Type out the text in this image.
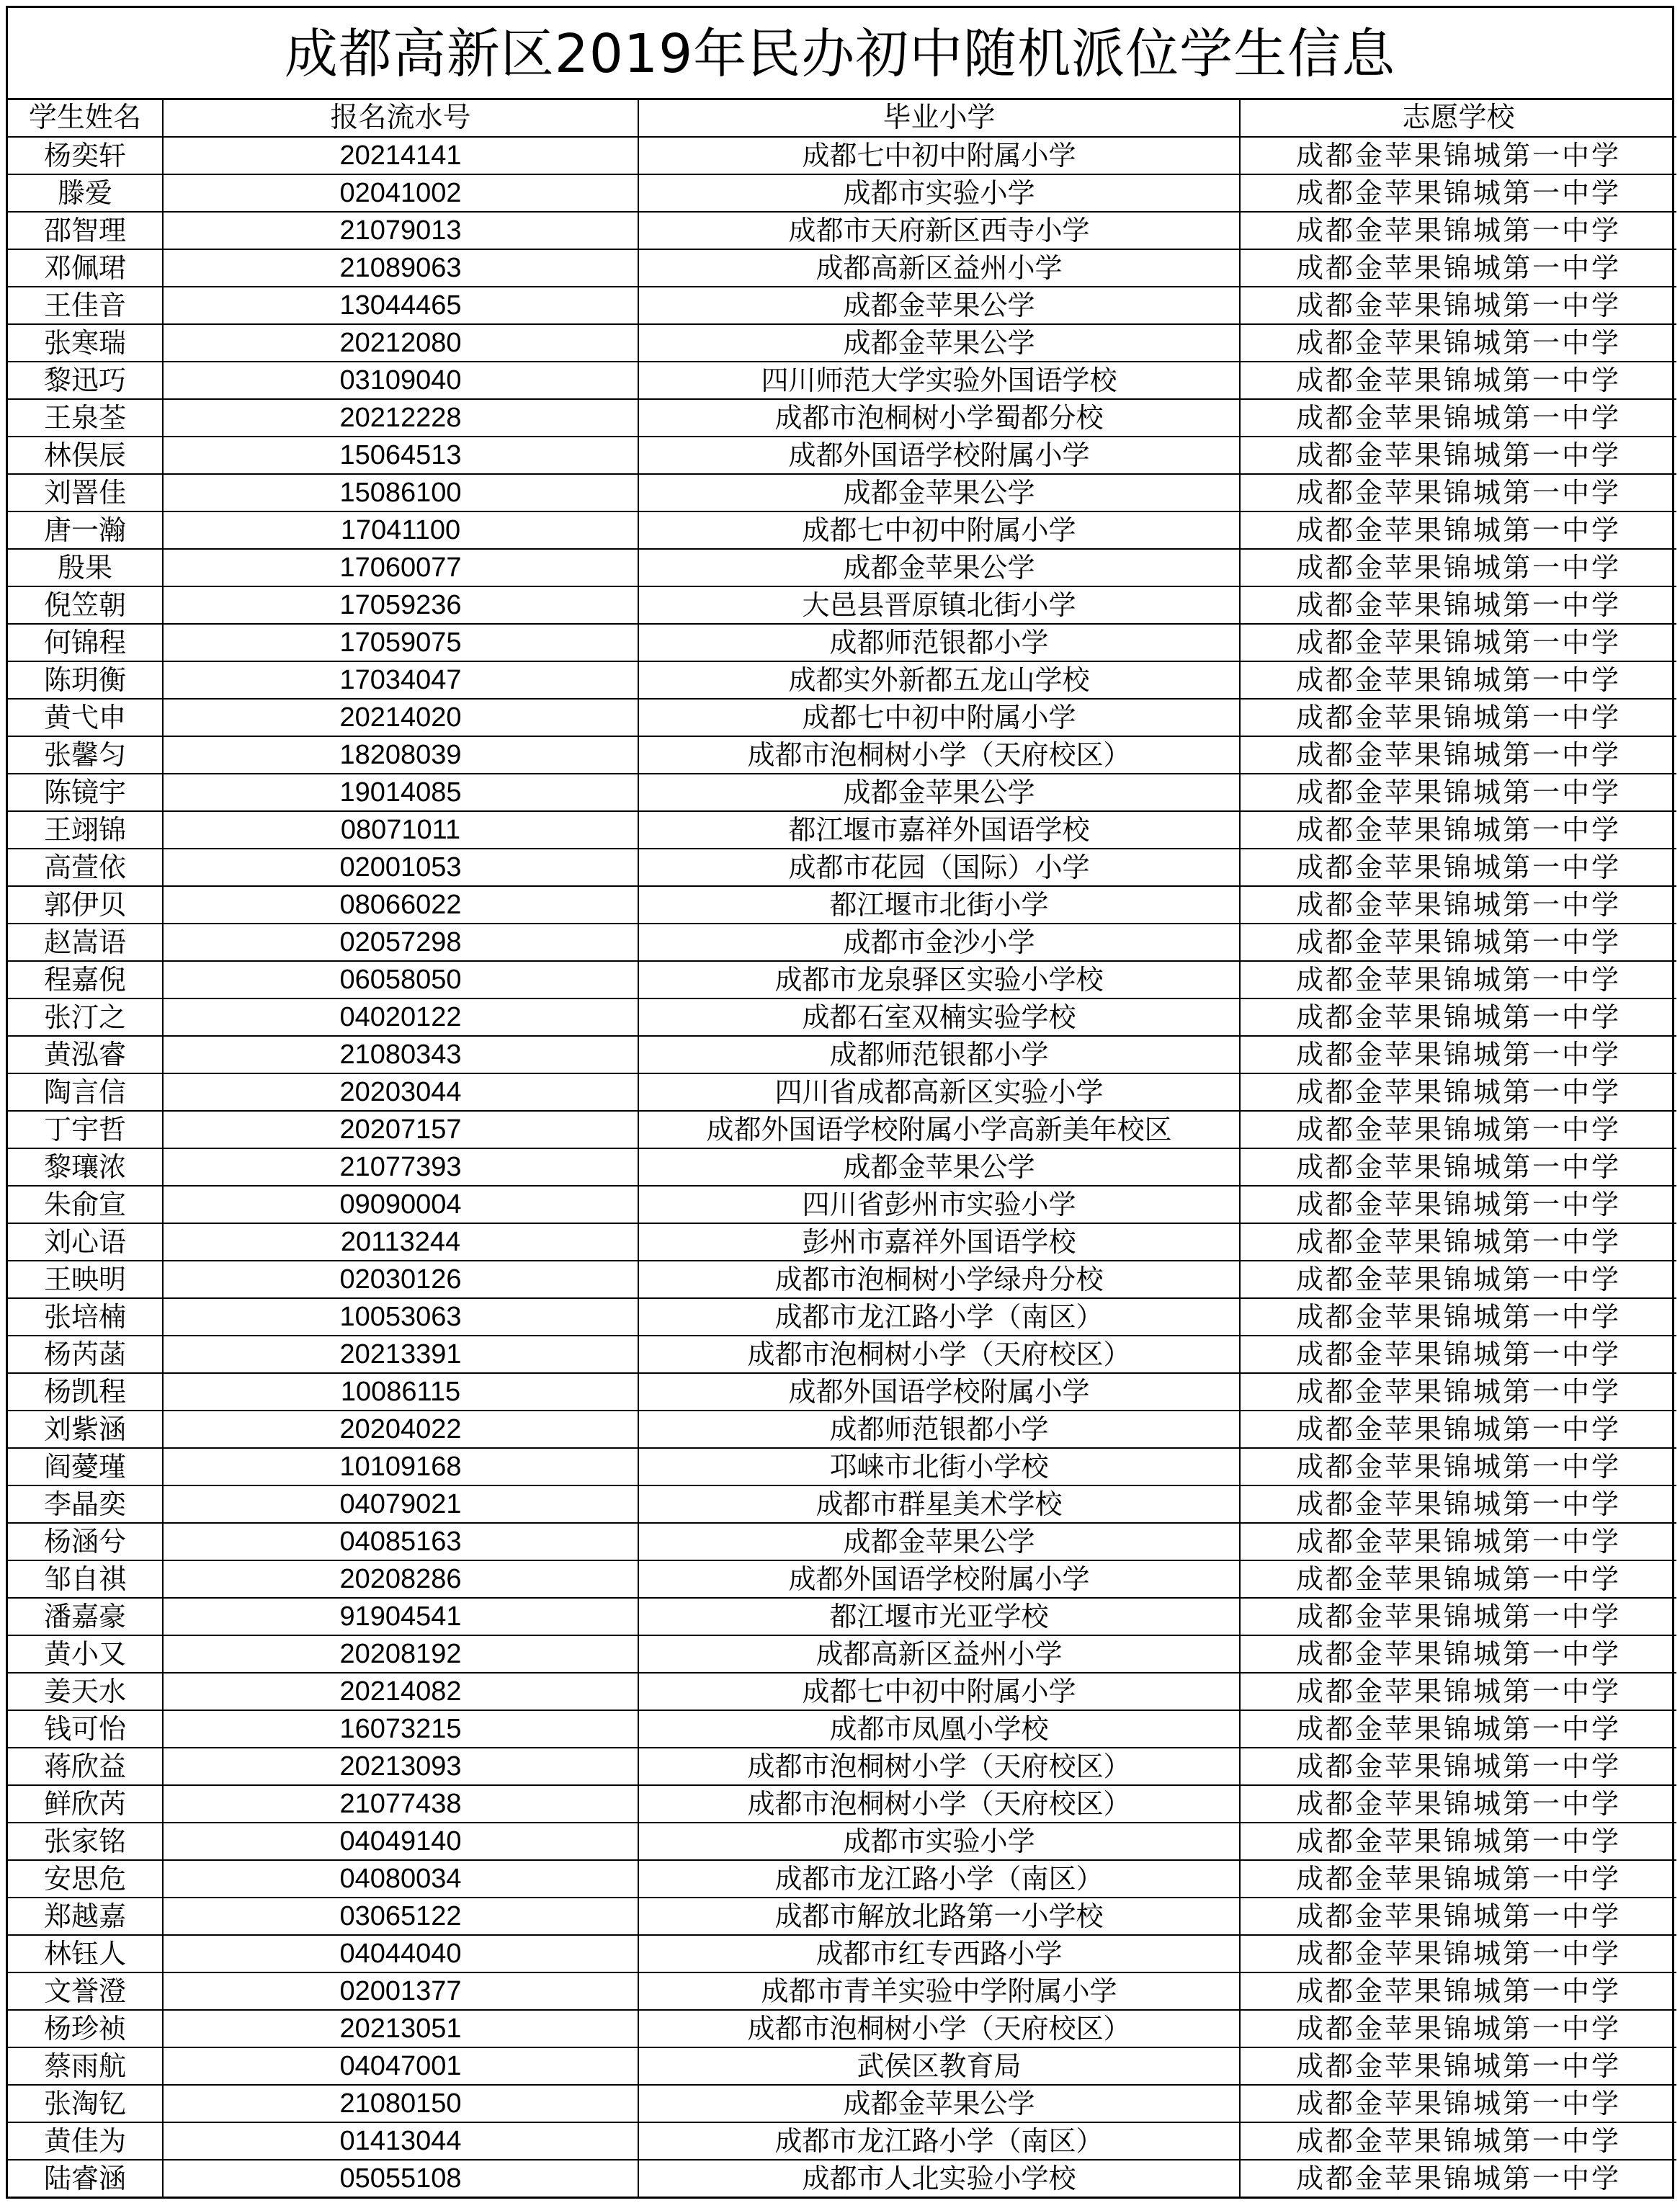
成都高新区2019年民办初中随机派位学生信息
学生姓名	报名流水号	毕业小学	志愿学校
杨奕轩	20214141	成都七中初中附属小学	成都金苹果锦城第一中学
滕爱	02041002	成都市实验小学	成都金苹果锦城第一中学
邵智理	21079013	成都市天府新区西寺小学	成都金苹果锦城第一中学
邓佩珺	21089063	成都高新区益州小学	成都金苹果锦城第一中学
王佳音	13044465	成都金苹果公学	成都金苹果锦城第一中学
张寒瑞	20212080	成都金苹果公学	成都金苹果锦城第一中学
黎迅巧	03109040	四川师范大学实验外国语学校	成都金苹果锦城第一中学
王泉荃	20212228	成都市泡桐树小学蜀都分校	成都金苹果锦城第一中学
林俣辰	15064513	成都外国语学校附属小学	成都金苹果锦城第一中学
刘罯佳	15086100	成都金苹果公学	成都金苹果锦城第一中学
唐一瀚	17041100	成都七中初中附属小学	成都金苹果锦城第一中学
殷果	17060077	成都金苹果公学	成都金苹果锦城第一中学
倪笠朝	17059236	大邑县晋原镇北街小学	成都金苹果锦城第一中学
何锦程	17059075	成都师范银都小学	成都金苹果锦城第一中学
陈玥衡	17034047	成都实外新都五龙山学校	成都金苹果锦城第一中学
黄弋申	20214020	成都七中初中附属小学	成都金苹果锦城第一中学
张馨匀	18208039	成都市泡桐树小学（天府校区）	成都金苹果锦城第一中学
陈镜宇	19014085	成都金苹果公学	成都金苹果锦城第一中学
王翊锦	08071011	都江堰市嘉祥外国语学校	成都金苹果锦城第一中学
高萱依	02001053	成都市花园（国际）小学	成都金苹果锦城第一中学
郭伊贝	08066022	都江堰市北街小学	成都金苹果锦城第一中学
赵嵩语	02057298	成都市金沙小学	成都金苹果锦城第一中学
程嘉倪	06058050	成都市龙泉驿区实验小学校	成都金苹果锦城第一中学
张汀之	04020122	成都石室双楠实验学校	成都金苹果锦城第一中学
黄泓睿	21080343	成都师范银都小学	成都金苹果锦城第一中学
陶言信	20203044	四川省成都高新区实验小学	成都金苹果锦城第一中学
丁宇哲	20207157	成都外国语学校附属小学高新美年校区	成都金苹果锦城第一中学
黎瓖浓	21077393	成都金苹果公学	成都金苹果锦城第一中学
朱俞宣	09090004	四川省彭州市实验小学	成都金苹果锦城第一中学
刘心语	20113244	彭州市嘉祥外国语学校	成都金苹果锦城第一中学
王映明	02030126	成都市泡桐树小学绿舟分校	成都金苹果锦城第一中学
张培楠	10053063	成都市龙江路小学（南区）	成都金苹果锦城第一中学
杨芮菡	20213391	成都市泡桐树小学（天府校区）	成都金苹果锦城第一中学
杨凯程	10086115	成都外国语学校附属小学	成都金苹果锦城第一中学
刘紫涵	20204022	成都师范银都小学	成都金苹果锦城第一中学
阎薆瑾	10109168	邛崃市北街小学校	成都金苹果锦城第一中学
李晶奕	04079021	成都市群星美术学校	成都金苹果锦城第一中学
杨涵兮	04085163	成都金苹果公学	成都金苹果锦城第一中学
邹自祺	20208286	成都外国语学校附属小学	成都金苹果锦城第一中学
潘嘉豪	91904541	都江堰市光亚学校	成都金苹果锦城第一中学
黄小又	20208192	成都高新区益州小学	成都金苹果锦城第一中学
姜天水	20214082	成都七中初中附属小学	成都金苹果锦城第一中学
钱可怡	16073215	成都市凤凰小学校	成都金苹果锦城第一中学
蒋欣益	20213093	成都市泡桐树小学（天府校区）	成都金苹果锦城第一中学
鲜欣芮	21077438	成都市泡桐树小学（天府校区）	成都金苹果锦城第一中学
张家铭	04049140	成都市实验小学	成都金苹果锦城第一中学
安思危	04080034	成都市龙江路小学（南区）	成都金苹果锦城第一中学
郑越嘉	03065122	成都市解放北路第一小学校	成都金苹果锦城第一中学
林钰人	04044040	成都市红专西路小学	成都金苹果锦城第一中学
文誉澄	02001377	成都市青羊实验中学附属小学	成都金苹果锦城第一中学
杨珍祯	20213051	成都市泡桐树小学（天府校区）	成都金苹果锦城第一中学
蔡雨航	04047001	武侯区教育局	成都金苹果锦城第一中学
张淘钇	21080150	成都金苹果公学	成都金苹果锦城第一中学
黄佳为	01413044	成都市龙江路小学（南区）	成都金苹果锦城第一中学
陆睿涵	05055108	成都市人北实验小学校	成都金苹果锦城第一中学
